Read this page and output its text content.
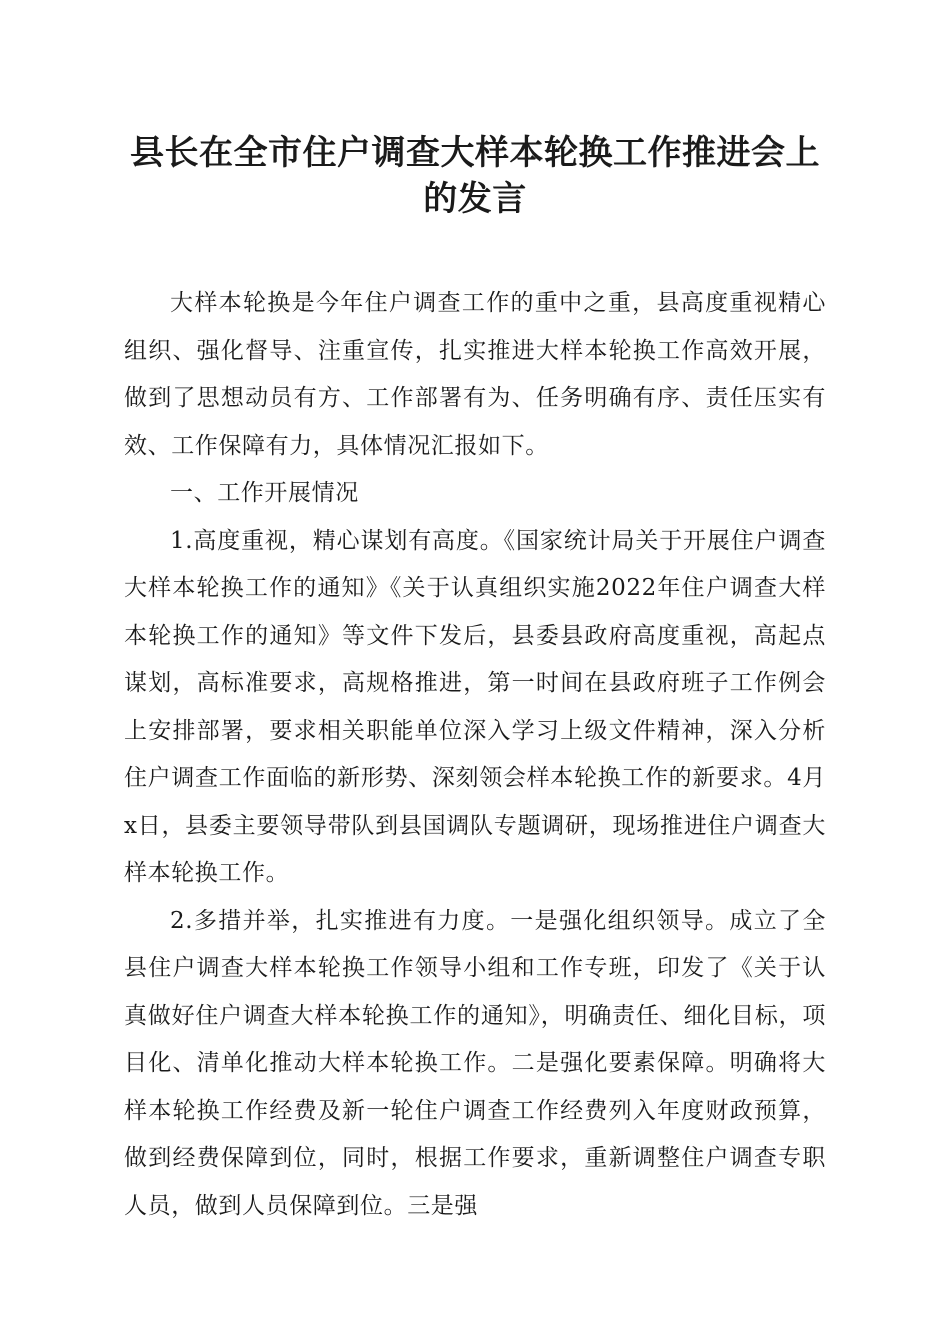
县长在全市住户调查大样本轮换工作推进会上
的发言

大样本轮换是今年住户调查工作的重中之重，县高度重视精心组织、强化督导、注重宣传，扎实推进大样本轮换工作高效开展，做到了思想动员有方、工作部署有为、任务明确有序、责任压实有效、工作保障有力，具体情况汇报如下。

一、工作开展情况

1.高度重视，精心谋划有高度。《国家统计局关于开展住户调查大样本轮换工作的通知》《关于认真组织实施2022年住户调查大样本轮换工作的通知》等文件下发后，县委县政府高度重视，高起点谋划，高标准要求，高规格推进，第一时间在县政府班子工作例会上安排部署，要求相关职能单位深入学习上级文件精神，深入分析住户调查工作面临的新形势、深刻领会样本轮换工作的新要求。4月x日，县委主要领导带队到县国调队专题调研，现场推进住户调查大样本轮换工作。

2.多措并举，扎实推进有力度。一是强化组织领导。成立了全县住户调查大样本轮换工作领导小组和工作专班，印发了《关于认真做好住户调查大样本轮换工作的通知》，明确责任、细化目标，项目化、清单化推动大样本轮换工作。二是强化要素保障。明确将大样本轮换工作经费及新一轮住户调查工作经费列入年度财政预算，做到经费保障到位，同时，根据工作要求，重新调整住户调查专职人员，做到人员保障到位。三是强
